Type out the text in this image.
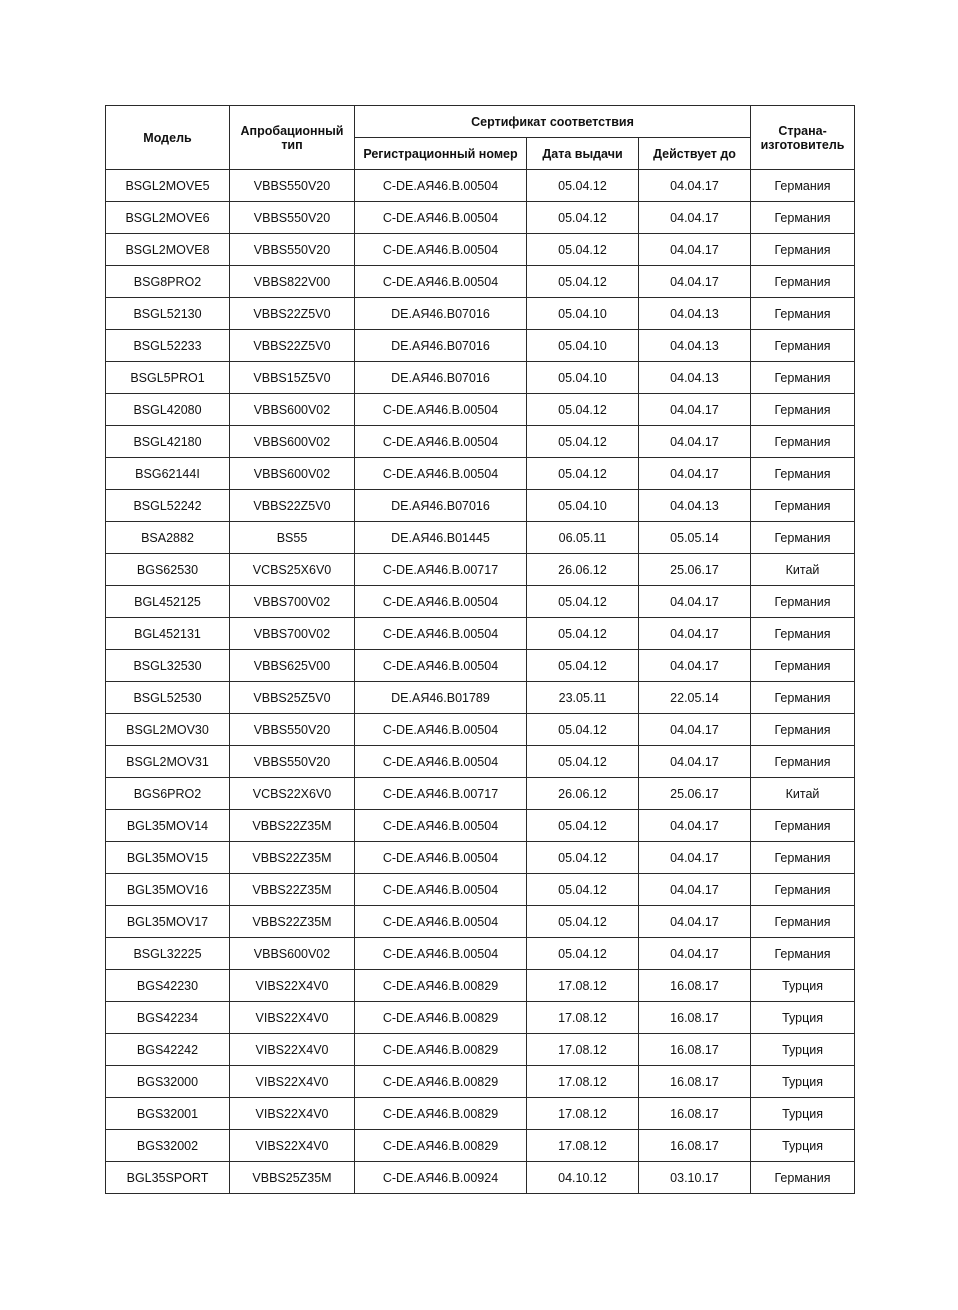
Модель	Апробационный тип	Сертификат соответствия			Страна-изготовитель
		Регистрационный номер	Дата выдачи	Действует до	
BSGL2MOVE5	VBBS550V20	C-DE.АЯ46.B.00504	05.04.12	04.04.17	Германия
BSGL2MOVE6	VBBS550V20	C-DE.АЯ46.B.00504	05.04.12	04.04.17	Германия
BSGL2MOVE8	VBBS550V20	C-DE.АЯ46.B.00504	05.04.12	04.04.17	Германия
BSG8PRO2	VBBS822V00	C-DE.АЯ46.B.00504	05.04.12	04.04.17	Германия
BSGL52130	VBBS22Z5V0	DE.АЯ46.B07016	05.04.10	04.04.13	Германия
BSGL52233	VBBS22Z5V0	DE.АЯ46.B07016	05.04.10	04.04.13	Германия
BSGL5PRO1	VBBS15Z5V0	DE.АЯ46.B07016	05.04.10	04.04.13	Германия
BSGL42080	VBBS600V02	C-DE.АЯ46.B.00504	05.04.12	04.04.17	Германия
BSGL42180	VBBS600V02	C-DE.АЯ46.B.00504	05.04.12	04.04.17	Германия
BSG62144I	VBBS600V02	C-DE.АЯ46.B.00504	05.04.12	04.04.17	Германия
BSGL52242	VBBS22Z5V0	DE.АЯ46.B07016	05.04.10	04.04.13	Германия
BSA2882	BS55	DE.АЯ46.B01445	06.05.11	05.05.14	Германия
BGS62530	VCBS25X6V0	C-DE.АЯ46.B.00717	26.06.12	25.06.17	Китай
BGL452125	VBBS700V02	C-DE.АЯ46.B.00504	05.04.12	04.04.17	Германия
BGL452131	VBBS700V02	C-DE.АЯ46.B.00504	05.04.12	04.04.17	Германия
BSGL32530	VBBS625V00	C-DE.АЯ46.B.00504	05.04.12	04.04.17	Германия
BSGL52530	VBBS25Z5V0	DE.АЯ46.B01789	23.05.11	22.05.14	Германия
BSGL2MOV30	VBBS550V20	C-DE.АЯ46.B.00504	05.04.12	04.04.17	Германия
BSGL2MOV31	VBBS550V20	C-DE.АЯ46.B.00504	05.04.12	04.04.17	Германия
BGS6PRO2	VCBS22X6V0	C-DE.АЯ46.B.00717	26.06.12	25.06.17	Китай
BGL35MOV14	VBBS22Z35M	C-DE.АЯ46.B.00504	05.04.12	04.04.17	Германия
BGL35MOV15	VBBS22Z35M	C-DE.АЯ46.B.00504	05.04.12	04.04.17	Германия
BGL35MOV16	VBBS22Z35M	C-DE.АЯ46.B.00504	05.04.12	04.04.17	Германия
BGL35MOV17	VBBS22Z35M	C-DE.АЯ46.B.00504	05.04.12	04.04.17	Германия
BSGL32225	VBBS600V02	C-DE.АЯ46.B.00504	05.04.12	04.04.17	Германия
BGS42230	VIBS22X4V0	C-DE.АЯ46.B.00829	17.08.12	16.08.17	Турция
BGS42234	VIBS22X4V0	C-DE.АЯ46.B.00829	17.08.12	16.08.17	Турция
BGS42242	VIBS22X4V0	C-DE.АЯ46.B.00829	17.08.12	16.08.17	Турция
BGS32000	VIBS22X4V0	C-DE.АЯ46.B.00829	17.08.12	16.08.17	Турция
BGS32001	VIBS22X4V0	C-DE.АЯ46.B.00829	17.08.12	16.08.17	Турция
BGS32002	VIBS22X4V0	C-DE.АЯ46.B.00829	17.08.12	16.08.17	Турция
BGL35SPORT	VBBS25Z35M	C-DE.АЯ46.B.00924	04.10.12	03.10.17	Германия
